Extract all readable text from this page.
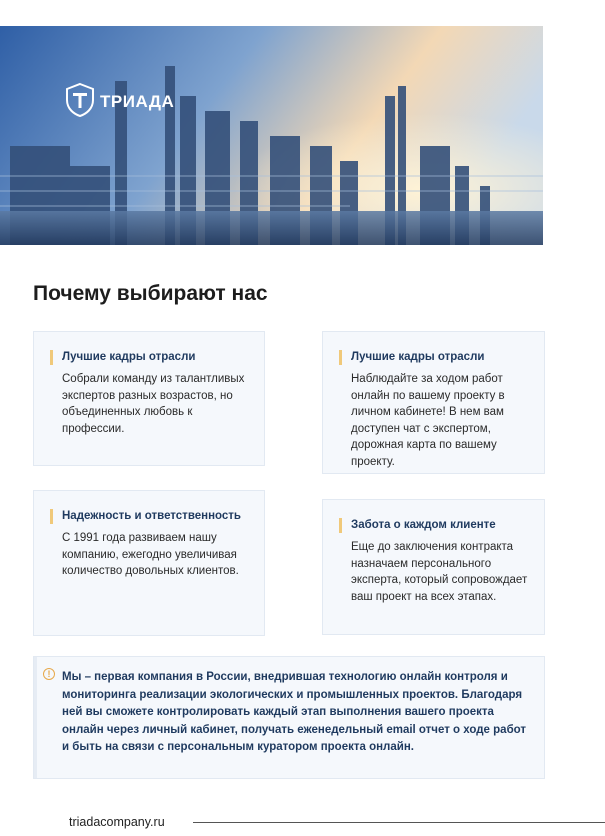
ТРИАДА
Почему выбирают нас
Лучшие кадры отрасли
Собрали команду из талантливых экспертов разных возрастов, но объединенных любовь к профессии.
Лучшие кадры отрасли
Наблюдайте за ходом работ онлайн по вашему проекту в личном кабинете! В нем вам доступен чат с экспертом, дорожная карта по вашему проекту.
Надежность и ответственность
С 1991 года развиваем нашу компанию, ежегодно увеличивая количество довольных клиентов.
Забота о каждом клиенте
Еще до заключения контракта назначаем персонального эксперта, который сопровождает ваш проект на всех этапах.
!	Мы – первая компания в России, внедрившая технологию онлайн контроля и мониторинга реализации экологических и промышленных проектов. Благодаря ней вы сможете контролировать каждый этап выполнения вашего проекта онлайн через личный кабинет, получать еженедельный email отчет о ходе работ и быть на связи с персональным куратором проекта онлайн.
triadacompany.ru
